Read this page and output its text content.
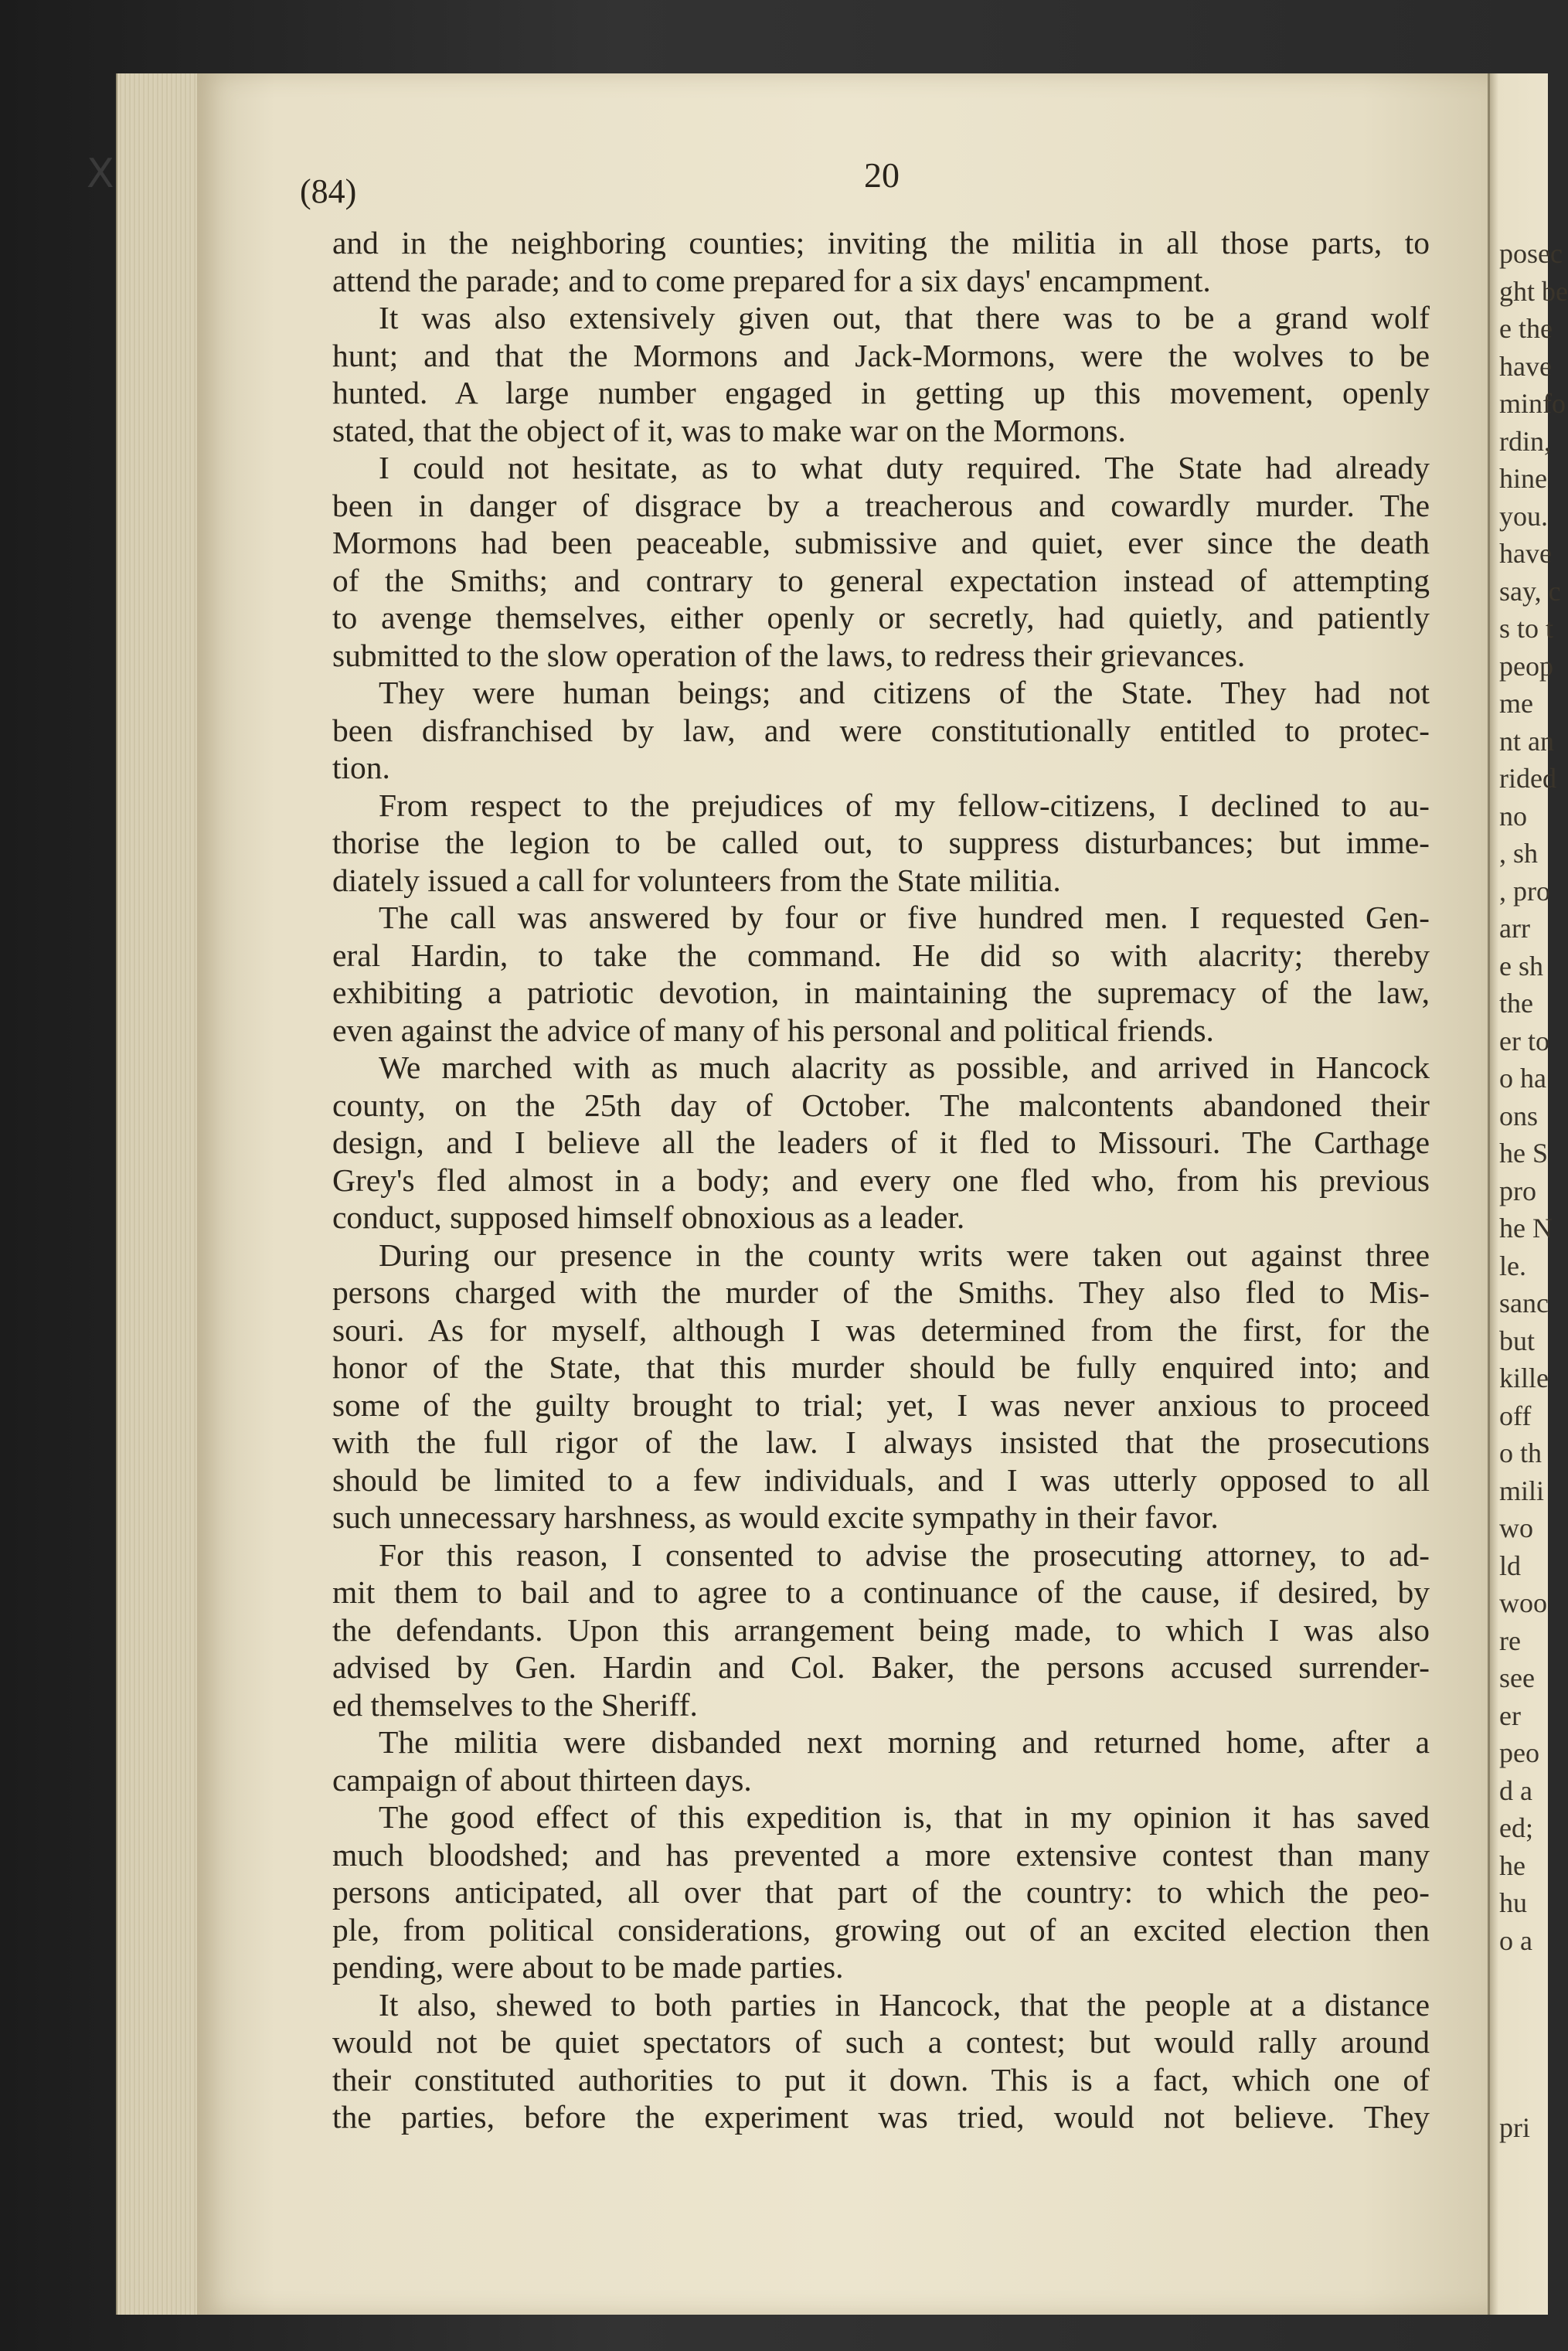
posec
ght be
e the
have
minfo
rdin,
hine
you.
have
say, c
s to t
peop
me
nt an
rided
no
, sh
, pro
arr
e sh
the
er to
o ha
ons
he S
pro
he N
le.
sanc
but
kille
off
o th
mili
wo
ld
woo
re
see
er
peo
d a
ed;
he
hu
o a
pri
X	(84)	20
and in the neighboring counties; inviting the militia in all those parts, to
attend the parade; and to come prepared for a six days' encampment.
It was also extensively given out, that there was to be a grand wolf
hunt; and that the Mormons and Jack-Mormons, were the wolves to be
hunted. A large number engaged in getting up this movement, openly
stated, that the object of it, was to make war on the Mormons.
I could not hesitate, as to what duty required. The State had already
been in danger of disgrace by a treacherous and cowardly murder. The
Mormons had been peaceable, submissive and quiet, ever since the death
of the Smiths; and contrary to general expectation instead of attempting
to avenge themselves, either openly or secretly, had quietly, and patiently
submitted to the slow operation of the laws, to redress their grievances.
They were human beings; and citizens of the State. They had not
been disfranchised by law, and were constitutionally entitled to protec-
tion.
From respect to the prejudices of my fellow-citizens, I declined to au-
thorise the legion to be called out, to suppress disturbances; but imme-
diately issued a call for volunteers from the State militia.
The call was answered by four or five hundred men. I requested Gen-
eral Hardin, to take the command. He did so with alacrity; thereby
exhibiting a patriotic devotion, in maintaining the supremacy of the law,
even against the advice of many of his personal and political friends.
We marched with as much alacrity as possible, and arrived in Hancock
county, on the 25th day of October. The malcontents abandoned their
design, and I believe all the leaders of it fled to Missouri. The Carthage
Grey's fled almost in a body; and every one fled who, from his previous
conduct, supposed himself obnoxious as a leader.
During our presence in the county writs were taken out against three
persons charged with the murder of the Smiths. They also fled to Mis-
souri. As for myself, although I was determined from the first, for the
honor of the State, that this murder should be fully enquired into; and
some of the guilty brought to trial; yet, I was never anxious to proceed
with the full rigor of the law. I always insisted that the prosecutions
should be limited to a few individuals, and I was utterly opposed to all
such unnecessary harshness, as would excite sympathy in their favor.
For this reason, I consented to advise the prosecuting attorney, to ad-
mit them to bail and to agree to a continuance of the cause, if desired, by
the defendants. Upon this arrangement being made, to which I was also
advised by Gen. Hardin and Col. Baker, the persons accused surrender-
ed themselves to the Sheriff.
The militia were disbanded next morning and returned home, after a
campaign of about thirteen days.
The good effect of this expedition is, that in my opinion it has saved
much bloodshed; and has prevented a more extensive contest than many
persons anticipated, all over that part of the country: to which the peo-
ple, from political considerations, growing out of an excited election then
pending, were about to be made parties.
It also, shewed to both parties in Hancock, that the people at a distance
would not be quiet spectators of such a contest; but would rally around
their constituted authorities to put it down. This is a fact, which one of
the parties, before the experiment was tried, would not believe. They
